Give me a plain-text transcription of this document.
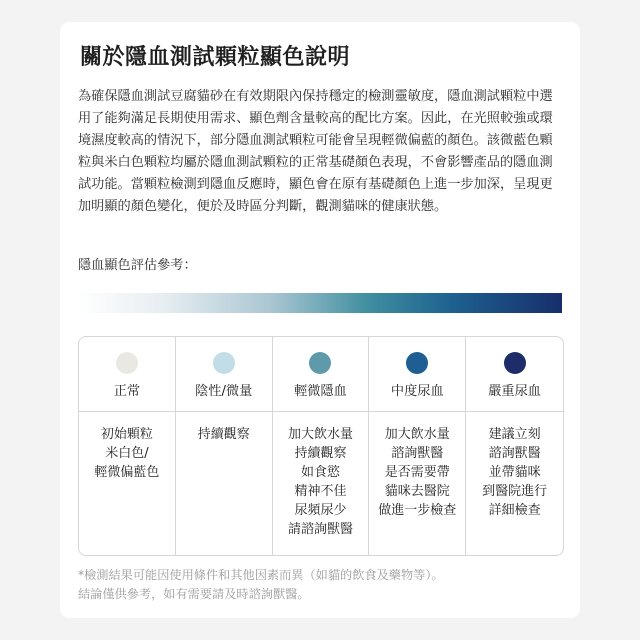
關於隱血測試顆粒顯色說明

為確保隱血測試豆腐貓砂在有效期限內保持穩定的檢測靈敏度，隱血測試顆粒中選用了能夠滿足長期使用需求、顯色劑含量較高的配比方案。因此，在光照較強或環境濕度較高的情況下，部分隱血測試顆粒可能會呈現輕微偏藍的顏色。該微藍色顆粒與米白色顆粒均屬於隱血測試顆粒的正常基礎顏色表現，不會影響產品的隱血測試功能。當顆粒檢測到隱血反應時，顯色會在原有基礎顏色上進一步加深，呈現更加明顯的顏色變化，便於及時區分判斷，觀測貓咪的健康狀態。

隱血顯色評估參考：

正常
初始顆粒
米白色/
輕微偏藍色
陰性/微量
持續觀察
輕微隱血
加大飲水量
持續觀察
如食慾
精神不佳
尿頻尿少
請諮詢獸醫
中度尿血
加大飲水量
諮詢獸醫
是否需要帶
貓咪去醫院
做進一步檢查
嚴重尿血
建議立刻
諮詢獸醫
並帶貓咪
到醫院進行
詳細檢查
*檢測結果可能因使用條件和其他因素而異（如貓的飲食及藥物等）。
結論僅供參考，如有需要請及時諮詢獸醫。
